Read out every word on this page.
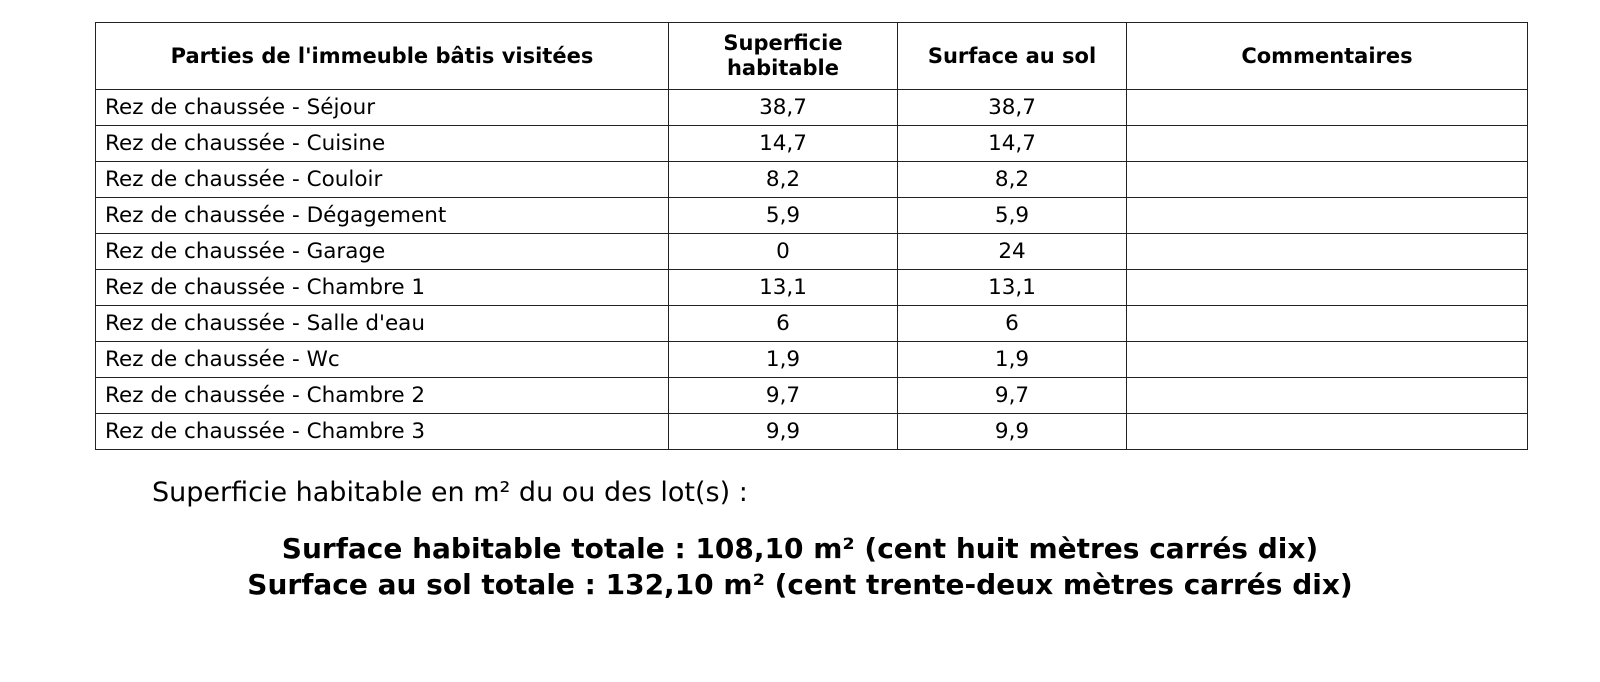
Parties de l'immeuble bâtis visitées	Superficie habitable	Surface au sol	Commentaires
Rez de chaussée - Séjour	38,7	38,7	
Rez de chaussée - Cuisine	14,7	14,7	
Rez de chaussée - Couloir	8,2	8,2	
Rez de chaussée - Dégagement	5,9	5,9	
Rez de chaussée - Garage	0	24	
Rez de chaussée - Chambre 1	13,1	13,1	
Rez de chaussée - Salle d'eau	6	6	
Rez de chaussée - Wc	1,9	1,9	
Rez de chaussée - Chambre 2	9,7	9,7	
Rez de chaussée - Chambre 3	9,9	9,9	
Superficie habitable en m² du ou des lot(s) :
Surface habitable totale : 108,10 m² (cent huit mètres carrés dix)
Surface au sol totale : 132,10 m² (cent trente-deux mètres carrés dix)
